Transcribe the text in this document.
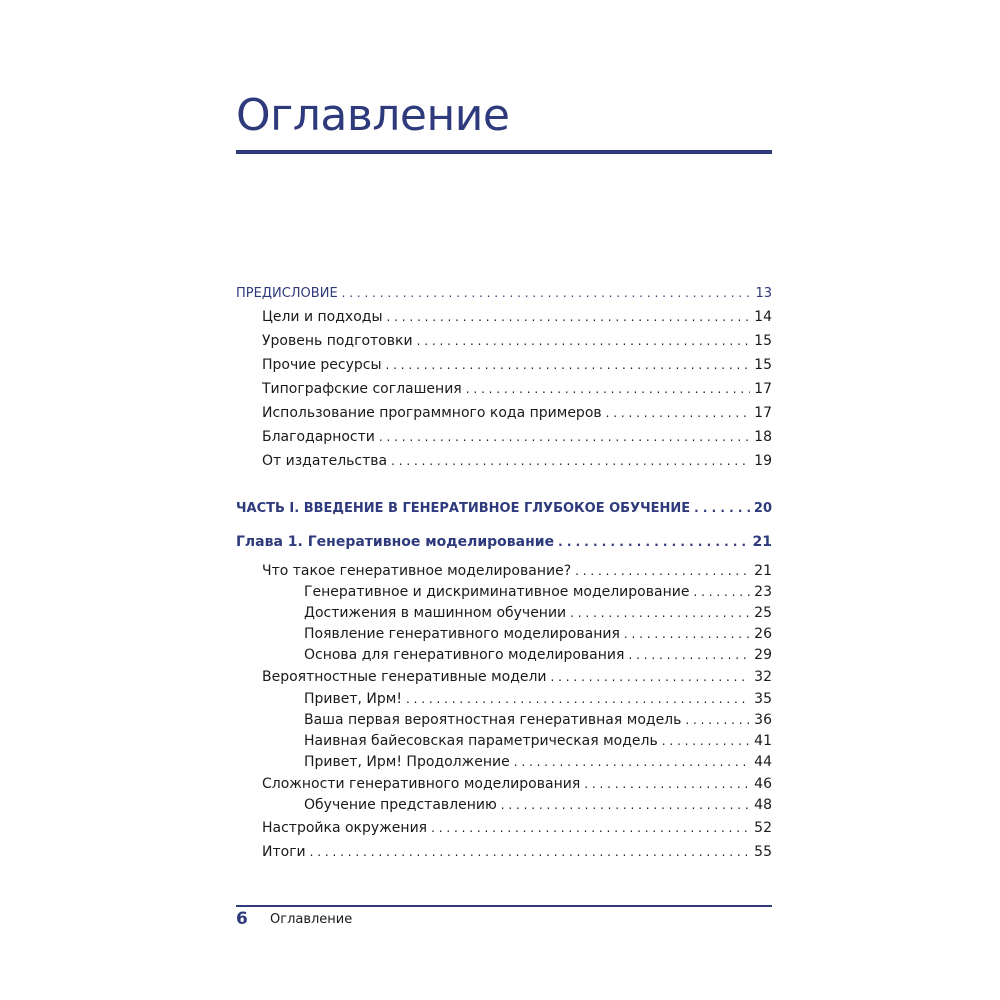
Оглавление
ПРЕДИСЛОВИЕ . . .	13
Цели и подходы . . .	14
Уровень подготовки . . .	15
Прочие ресурсы . . .	15
Типографские соглашения . . .	17
Использование программного кода примеров . . .	17
Благодарности . . .	18
От издательства . . .	19
ЧАСТЬ I. ВВЕДЕНИЕ В ГЕНЕРАТИВНОЕ ГЛУБОКОЕ ОБУЧЕНИЕ . . .	20
Глава 1. Генеративное моделирование . . .	21
Что такое генеративное моделирование? . . .	21
Генеративное и дискриминативное моделирование . . .	23
Достижения в машинном обучении . . .	25
Появление генеративного моделирования . . .	26
Основа для генеративного моделирования . . .	29
Вероятностные генеративные модели . . .	32
Привет, Ирм! . . .	35
Ваша первая вероятностная генеративная модель . . .	36
Наивная байесовская параметрическая модель . . .	41
Привет, Ирм! Продолжение . . .	44
Сложности генеративного моделирования . . .	46
Обучение представлению . . .	48
Настройка окружения . . .	52
Итоги . . .	55
6 Оглавление
